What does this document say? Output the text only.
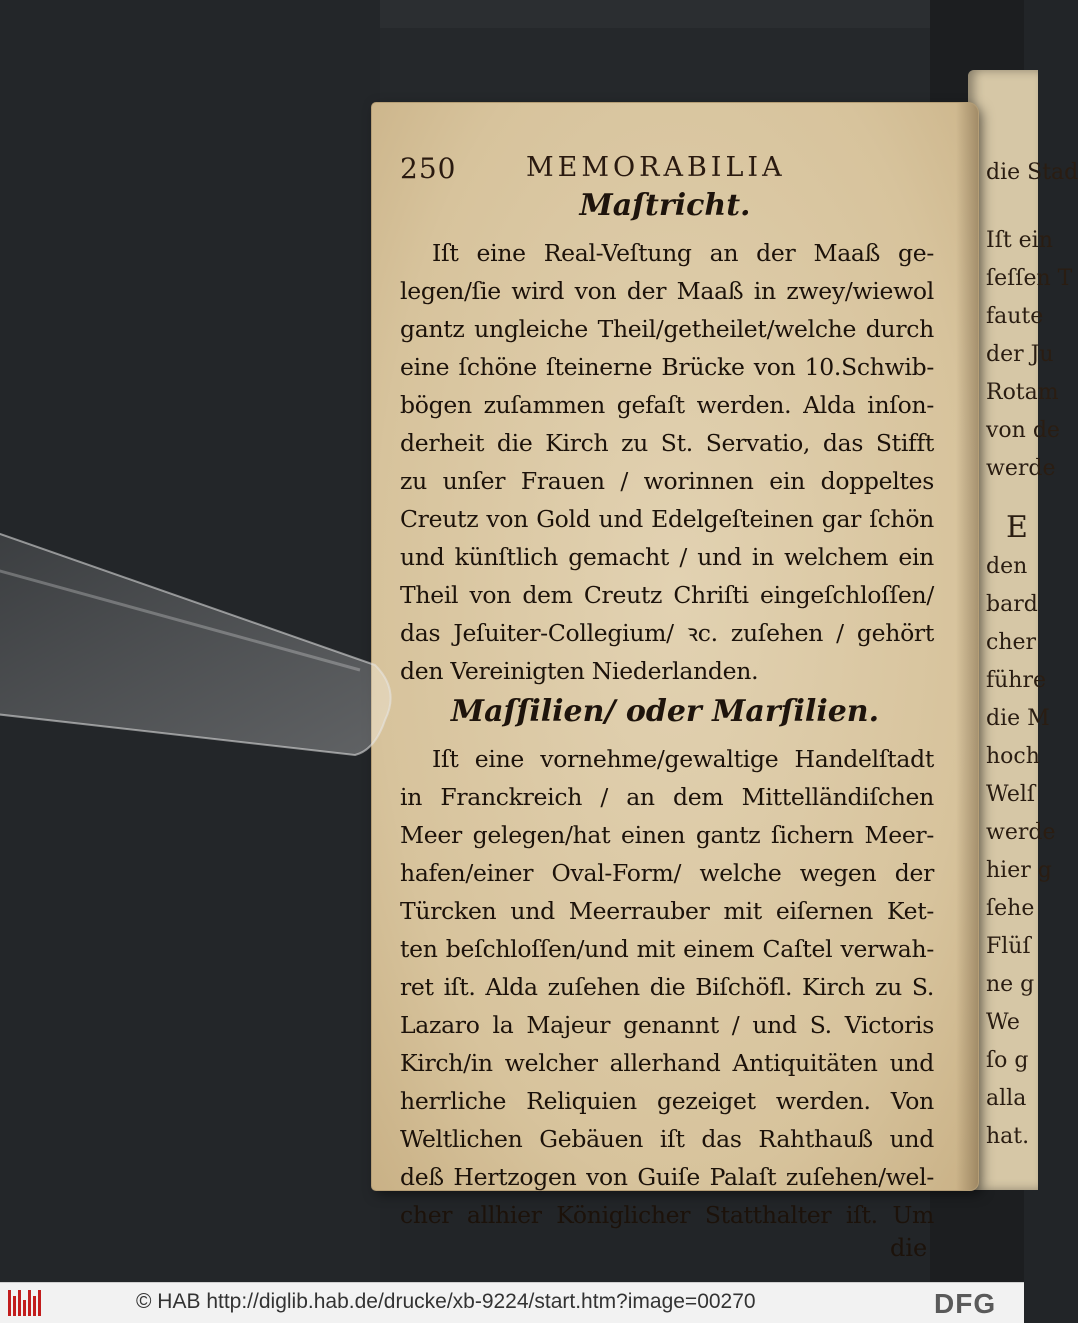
die Stad
Iſt ein
ſeſſen T
faute
der Ju
Rotam
von de
werde
E
den
bard
cher
führe
die M
hoch
Welſ
werde
hier g
ſehe
Flüſ
ne g
We
ſo g
alla
hat.
250	MEMORABILIA
Maſtricht.
Iſt eine Real-Veſtung an der Maaß ge-
legen/ſie wird von der Maaß in zwey/wiewol
gantz ungleiche Theil/getheilet/welche durch
eine ſchöne ſteinerne Brücke von 10.Schwib-
bögen zuſammen gefaſt werden. Alda inſon-
derheit die Kirch zu St. Servatio, das Stifft
zu unſer Frauen / worinnen ein doppeltes
Creutz von Gold und Edelgeſteinen gar ſchön
und künſtlich gemacht / und in welchem ein
Theil von dem Creutz Chriſti eingeſchloſſen/
das Jeſuiter-Collegium/ ꝛc. zuſehen / gehört
den Vereinigten Niederlanden.
Maſſilien/ oder Marſilien.
Iſt eine vornehme/gewaltige Handelſtadt
in Franckreich / an dem Mittelländiſchen
Meer gelegen/hat einen gantz ſichern Meer-
hafen/einer Oval-Form/ welche wegen der
Türcken und Meerrauber mit eiſernen Ket-
ten beſchloſſen/und mit einem Caſtel verwah-
ret iſt. Alda zuſehen die Biſchöfl. Kirch zu S.
Lazaro la Majeur genannt / und S. Victoris
Kirch/in welcher allerhand Antiquitäten und
herrliche Reliquien gezeiget werden. Von
Weltlichen Gebäuen iſt das Rahthauß und
deß Hertzogen von Guiſe Palaſt zuſehen/wel-
cher allhier Königlicher Statthalter iſt. Um
die
© HAB http://diglib.hab.de/drucke/xb-9224/start.htm?image=00270	DFG
